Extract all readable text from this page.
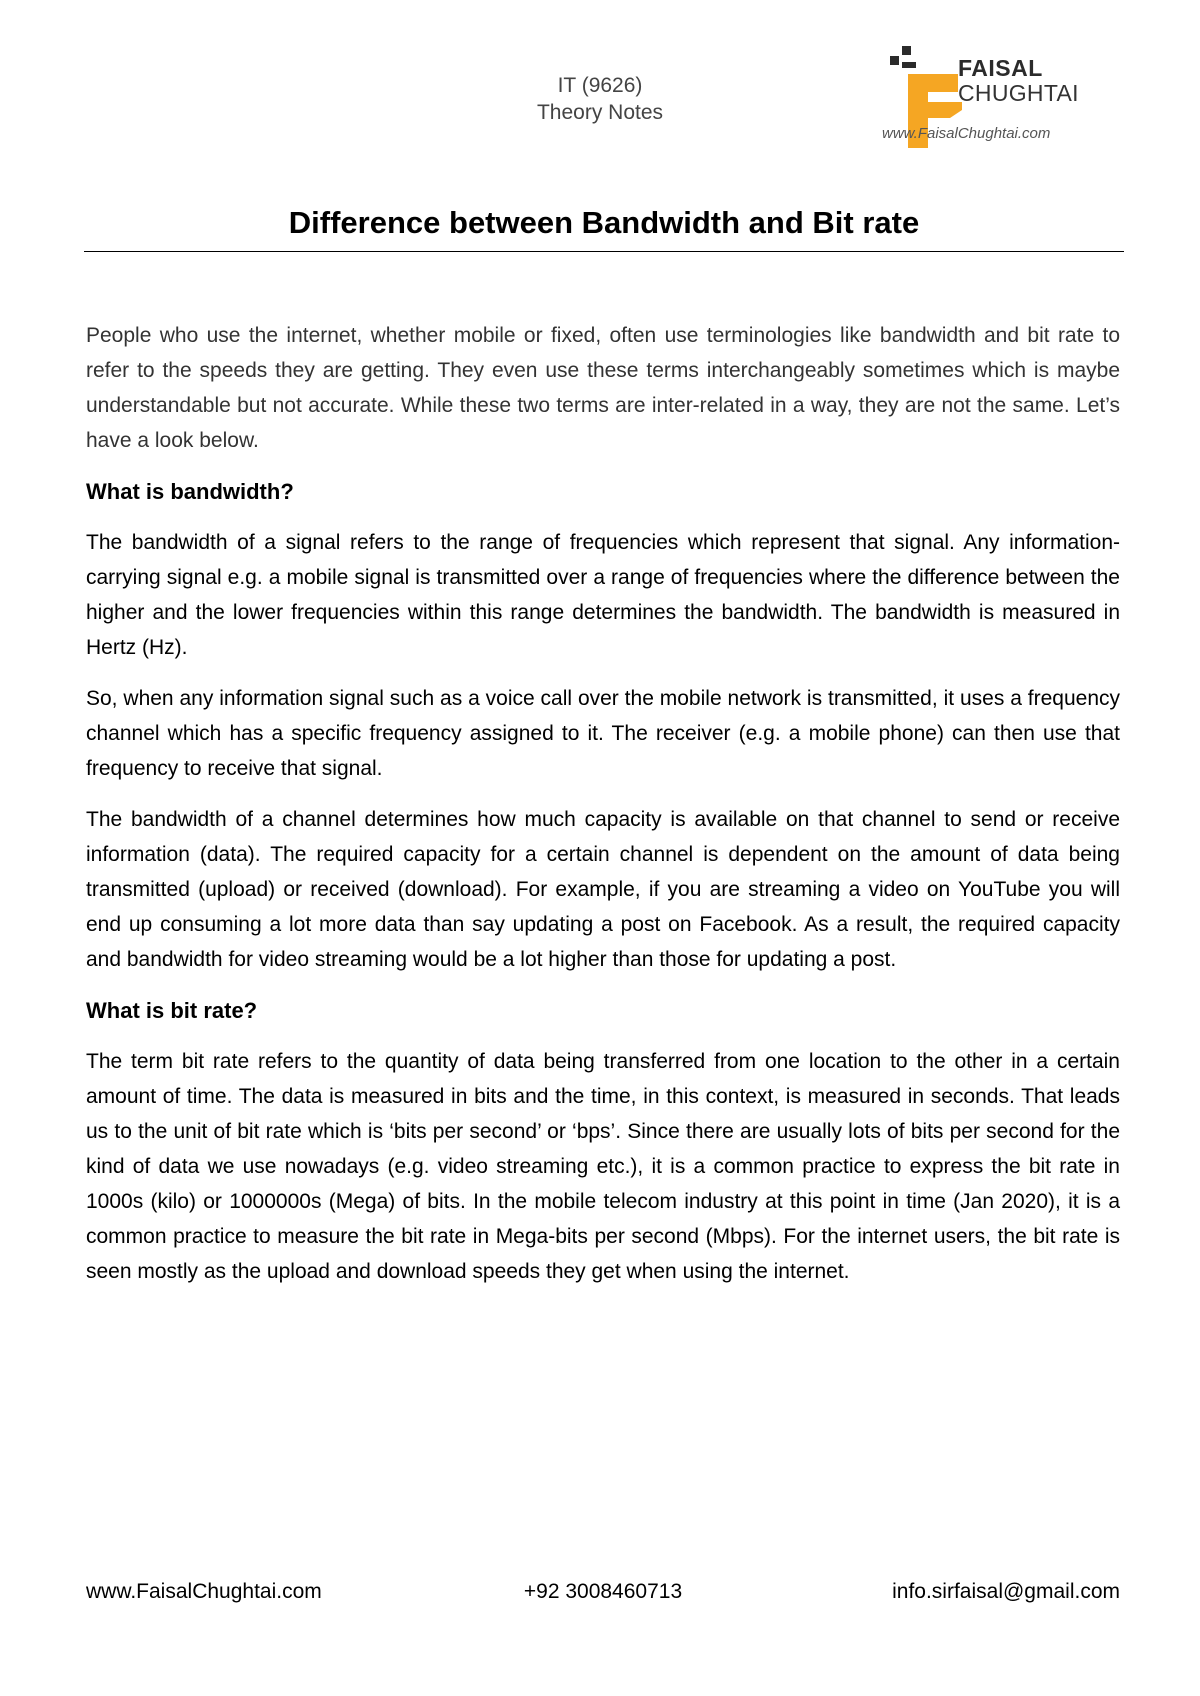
IT (9626)
Theory Notes
FAISAL
CHUGHTAI
www.FaisalChughtai.com
Difference between Bandwidth and Bit rate

People who use the internet, whether mobile or fixed, often use terminologies like bandwidth and bit rate to refer to the speeds they are getting. They even use these terms interchangeably sometimes which is maybe understandable but not accurate. While these two terms are inter-related in a way, they are not the same. Let’s have a look below.

What is bandwidth?

The bandwidth of a signal refers to the range of frequencies which represent that signal. Any information-carrying signal e.g. a mobile signal is transmitted over a range of frequencies where the difference between the higher and the lower frequencies within this range determines the bandwidth. The bandwidth is measured in Hertz (Hz).

So, when any information signal such as a voice call over the mobile network is transmitted, it uses a frequency channel which has a specific frequency assigned to it. The receiver (e.g. a mobile phone) can then use that frequency to receive that signal.

The bandwidth of a channel determines how much capacity is available on that channel to send or receive information (data). The required capacity for a certain channel is dependent on the amount of data being transmitted (upload) or received (download). For example, if you are streaming a video on YouTube you will end up consuming a lot more data than say updating a post on Facebook. As a result, the required capacity and bandwidth for video streaming would be a lot higher than those for updating a post.

What is bit rate?

The term bit rate refers to the quantity of data being transferred from one location to the other in a certain amount of time. The data is measured in bits and the time, in this context, is measured in seconds. That leads us to the unit of bit rate which is ‘bits per second’ or ‘bps’. Since there are usually lots of bits per second for the kind of data we use nowadays (e.g. video streaming etc.), it is a common practice to express the bit rate in 1000s (kilo) or 1000000s (Mega) of bits. In the mobile telecom industry at this point in time (Jan 2020), it is a common practice to measure the bit rate in Mega-bits per second (Mbps). For the internet users, the bit rate is seen mostly as the upload and download speeds they get when using the internet.

www.FaisalChughtai.com	+92 3008460713	info.sirfaisal@gmail.com
